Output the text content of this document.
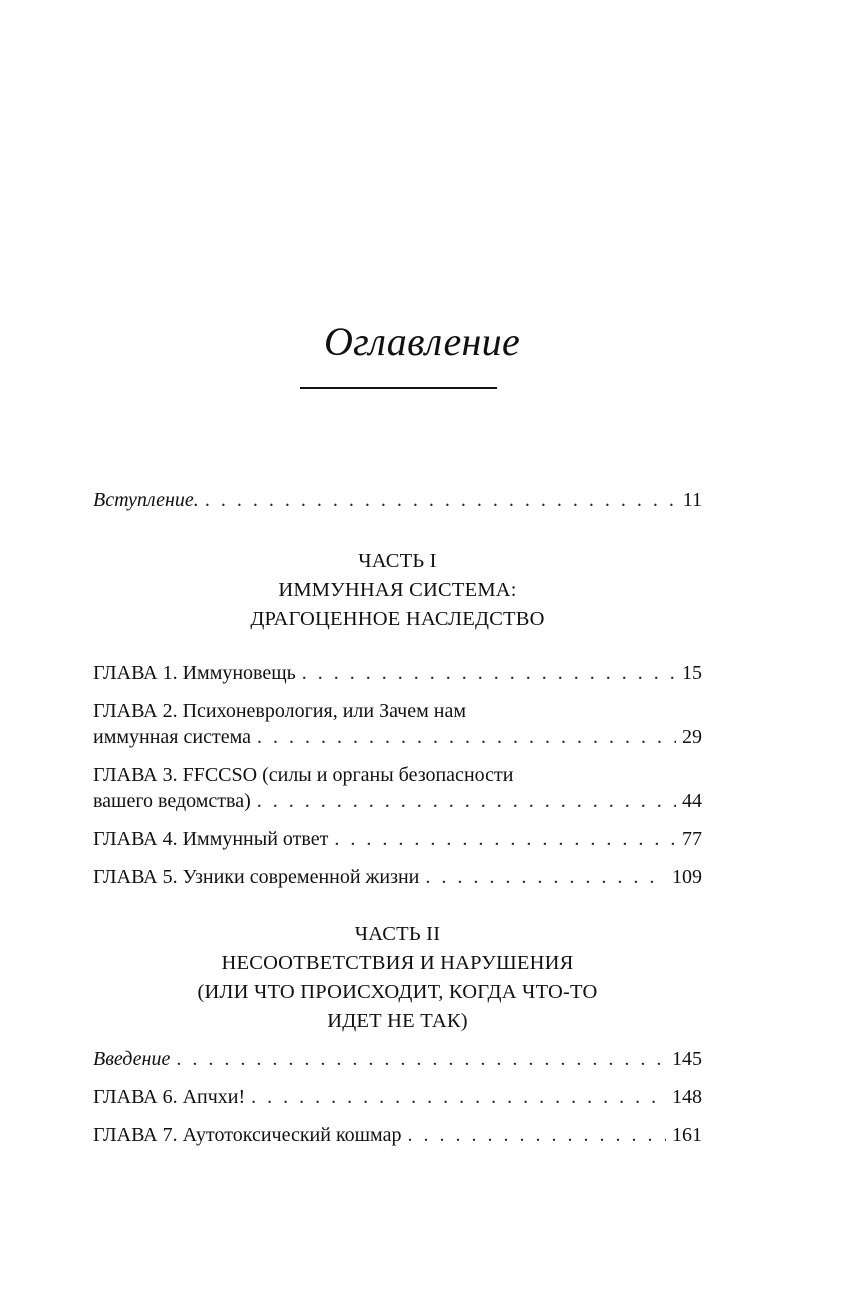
Оглавление
Вступление. . . .	11
ЧАСТЬ I
ИММУННАЯ СИСТЕМА:
ДРАГОЦЕННОЕ НАСЛЕДСТВО
ГЛАВА 1. Иммуновещь . . .	15
ГЛАВА 2. Психоневрология, или Зачем нам
иммунная система . . .	29
ГЛАВА 3. FFCCSO (силы и органы безопасности
вашего ведомства) . . .	44
ГЛАВА 4. Иммунный ответ . . .	77
ГЛАВА 5. Узники современной жизни . . .	109
ЧАСТЬ II
НЕСООТВЕТСТВИЯ И НАРУШЕНИЯ
(ИЛИ ЧТО ПРОИСХОДИТ, КОГДА ЧТО-ТО
ИДЕТ НЕ ТАК)
Введение . . .	145
ГЛАВА 6. Апчхи! . . .	148
ГЛАВА 7. Аутотоксический кошмар . . .	161
